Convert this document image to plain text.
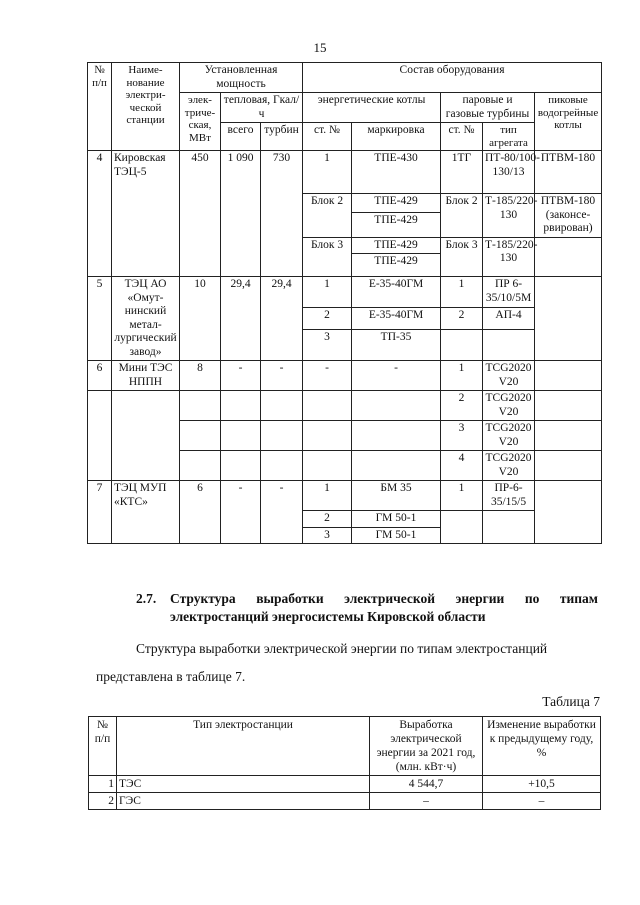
15
№ п/п	Наиме- нование электри- ческой станции	Установленная мощность			Состав оборудования				
		элек- триче- ская, МВт	тепловая, Гкал/ч		энергетические котлы		паровые и газовые турбины		пиковые водогрейные котлы
			всего	турбин	ст. №	маркировка	ст. №	тип агрегата	
4	Кировская ТЭЦ-5	450	1 090	730	1	ТПЕ-430	1ТГ	ПТ-80/100-130/13	ПТВМ-180
					Блок 2	ТПЕ-429	Блок 2	Т-185/220-130	ПТВМ-180 (законсе- рвирован)
						ТПЕ-429			
					Блок 3	ТПЕ-429	Блок 3	Т-185/220-130	
						ТПЕ-429			
5	ТЭЦ АО «Омут- нинский метал- лургический завод»	10	29,4	29,4	1	Е-35-40ГМ	1	ПР 6-35/10/5М	
					2	Е-35-40ГМ	2	АП-4	
					3	ТП-35			
6	Мини ТЭС НППН	8	-	-	-	-	1	TCG2020 V20	
							2	TCG2020 V20	
							3	TCG2020 V20	
							4	TCG2020 V20	
7	ТЭЦ МУП «КТС»	6	-	-	1	БМ 35	1	ПР-6-35/15/5	
					2	ГМ 50-1			
					3	ГМ 50-1			
2.7.	Структура выработки электрической энергии по типам электростанций энергосистемы Кировской области
Структура выработки электрической энергии по типам электростанций
представлена в таблице 7.
Таблица 7
№ п/п	Тип электростанции	Выработка электрической энергии за 2021 год, (млн. кВт·ч)	Изменение выработки к предыдущему году, %
1	ТЭС	4 544,7	+10,5
2	ГЭС	–	–
